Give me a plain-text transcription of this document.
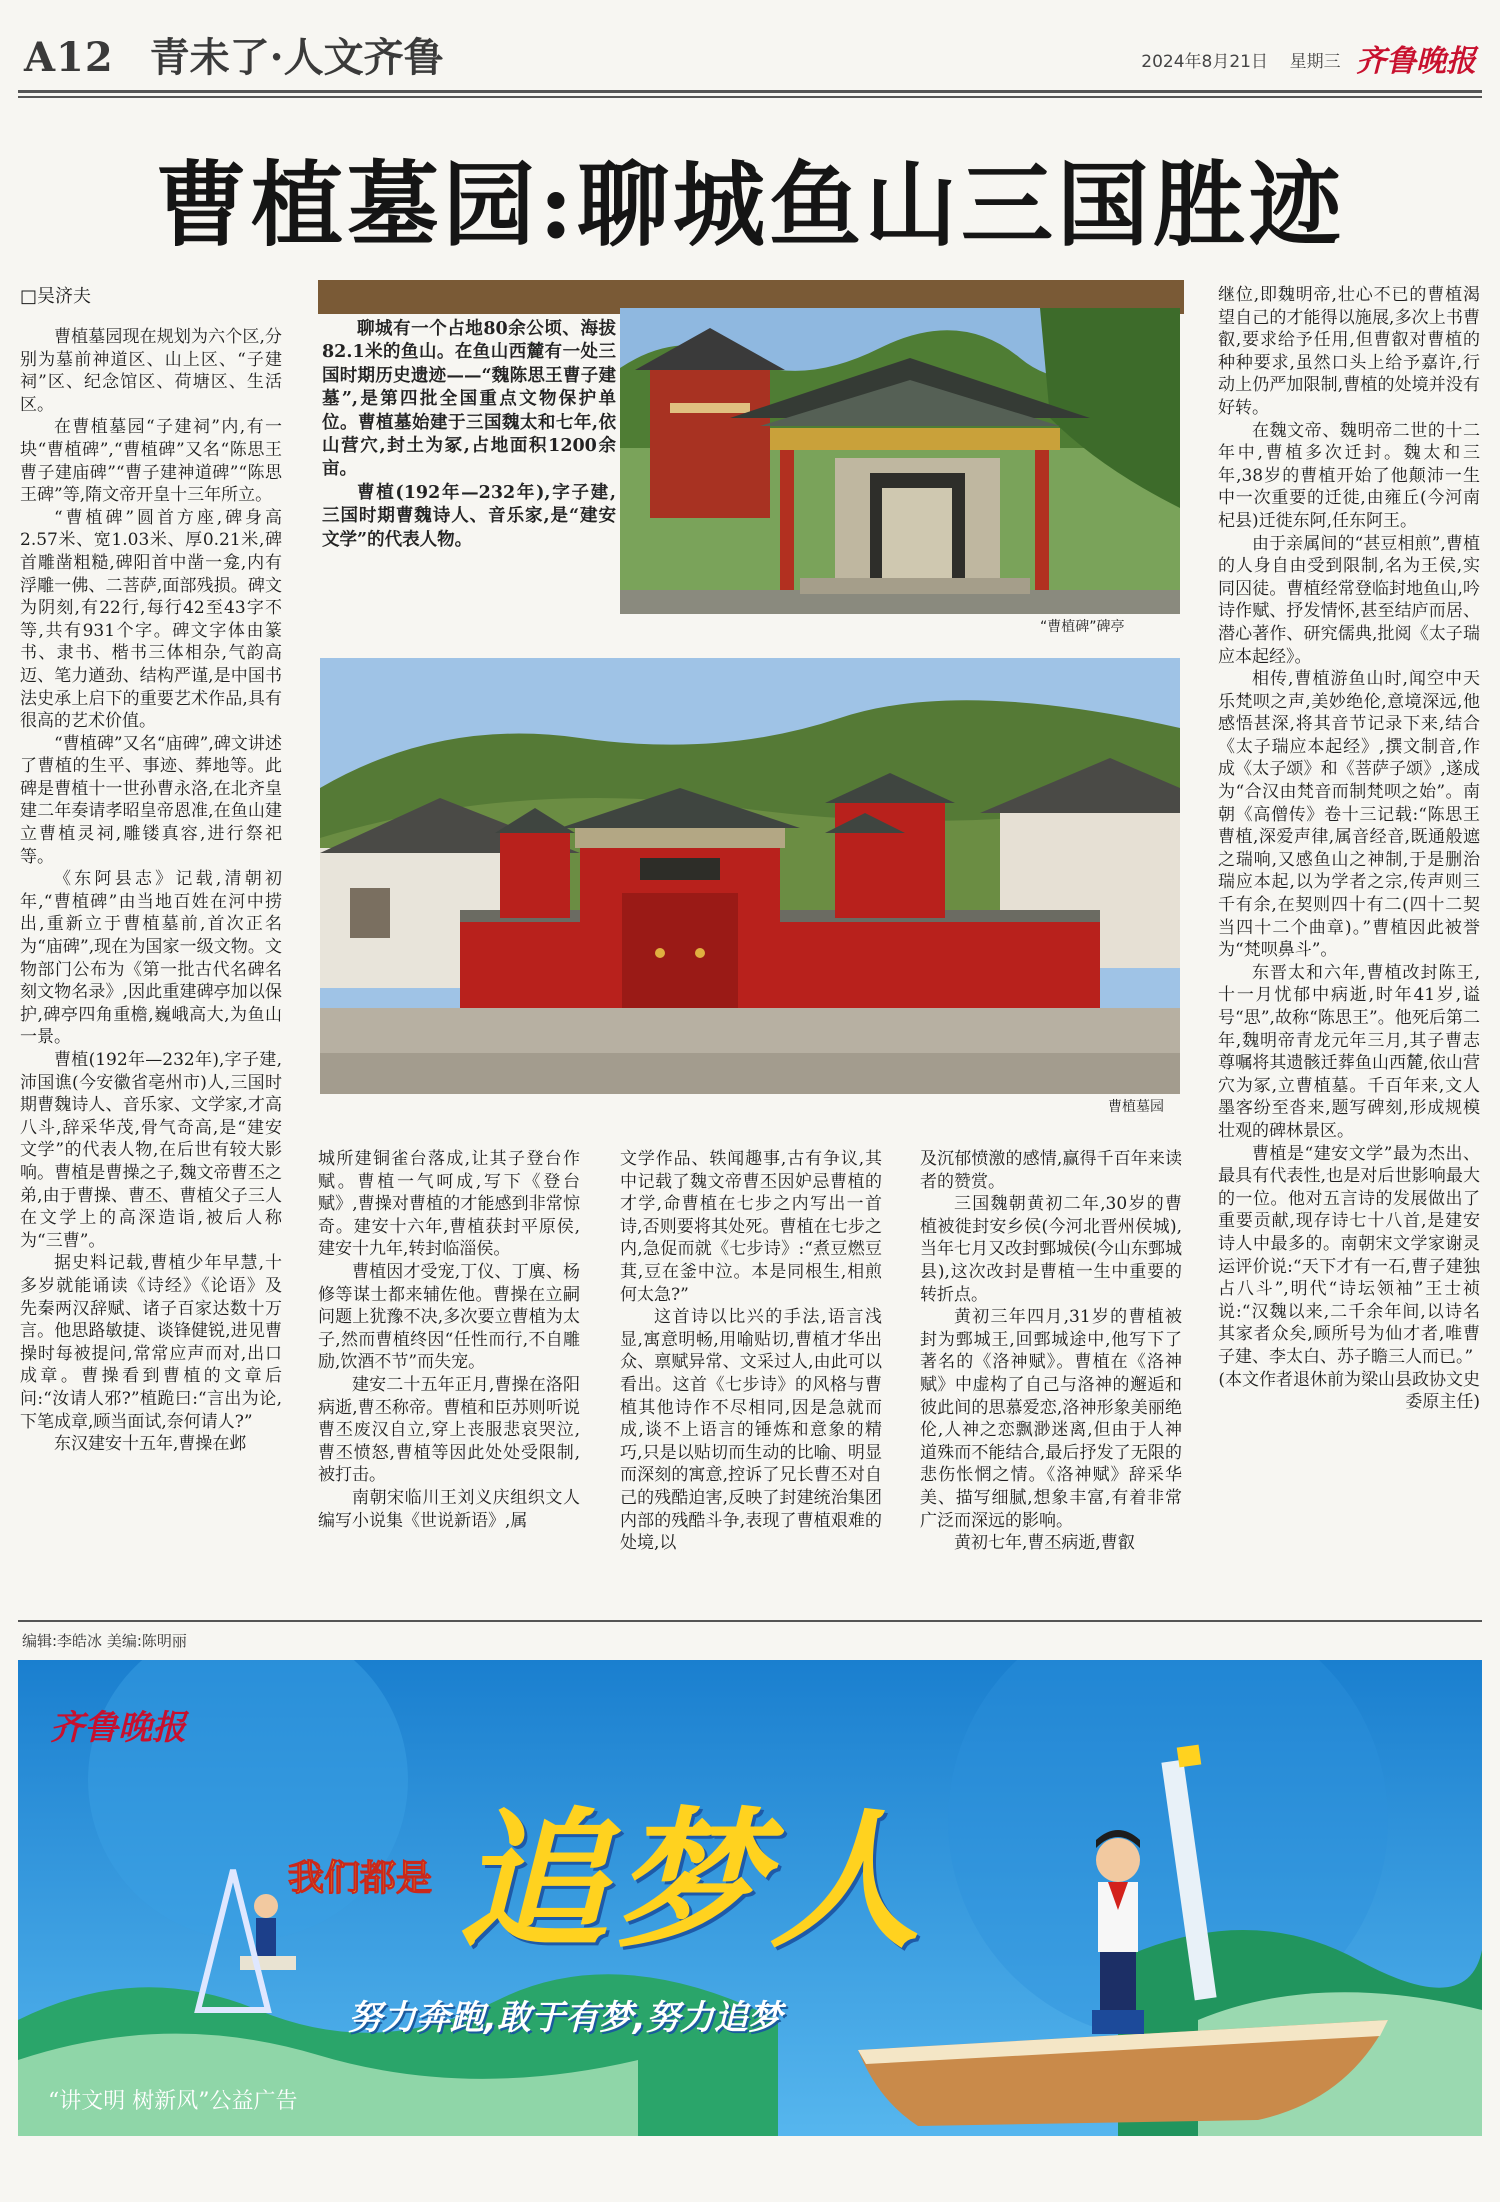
A12 青未了·人文齐鲁	2024年8月21日 星期三 齐鲁晚报
曹植墓园:聊城鱼山三国胜迹
□吴济夫

曹植墓园现在规划为六个区,分别为墓前神道区、山上区、“子建祠”区、纪念馆区、荷塘区、生活区。

在曹植墓园“子建祠”内,有一块“曹植碑”,“曹植碑”又名“陈思王曹子建庙碑”“曹子建神道碑”“陈思王碑”等,隋文帝开皇十三年所立。

“曹植碑”圆首方座,碑身高2.57米、宽1.03米、厚0.21米,碑首雕凿粗糙,碑阳首中凿一龛,内有浮雕一佛、二菩萨,面部残损。碑文为阴刻,有22行,每行42至43字不等,共有931个字。碑文字体由篆书、隶书、楷书三体相杂,气韵高迈、笔力遒劲、结构严谨,是中国书法史承上启下的重要艺术作品,具有很高的艺术价值。

“曹植碑”又名“庙碑”,碑文讲述了曹植的生平、事迹、葬地等。此碑是曹植十一世孙曹永洛,在北齐皇建二年奏请孝昭皇帝恩准,在鱼山建立曹植灵祠,雕镂真容,进行祭祀等。

《东阿县志》记载,清朝初年,“曹植碑”由当地百姓在河中捞出,重新立于曹植墓前,首次正名为“庙碑”,现在为国家一级文物。文物部门公布为《第一批古代名碑名刻文物名录》,因此重建碑亭加以保护,碑亭四角重檐,巍峨高大,为鱼山一景。

曹植(192年—232年),字子建,沛国谯(今安徽省亳州市)人,三国时期曹魏诗人、音乐家、文学家,才高八斗,辞采华茂,骨气奇高,是“建安文学”的代表人物,在后世有较大影响。曹植是曹操之子,魏文帝曹丕之弟,由于曹操、曹丕、曹植父子三人在文学上的高深造诣,被后人称为“三曹”。

据史料记载,曹植少年早慧,十多岁就能诵读《诗经》《论语》及先秦两汉辞赋、诸子百家达数十万言。他思路敏捷、谈锋健锐,进见曹操时每被提问,常常应声而对,出口成章。曹操看到曹植的文章后问:“汝请人邪?”植跪曰:“言出为论,下笔成章,顾当面试,奈何请人?”

东汉建安十五年,曹操在邺

聊城有一个占地80余公顷、海拔82.1米的鱼山。在鱼山西麓有一处三国时期历史遗迹——“魏陈思王曹子建墓”,是第四批全国重点文物保护单位。曹植墓始建于三国魏太和七年,依山营穴,封土为冢,占地面积1200余亩。

曹植(192年—232年),字子建,三国时期曹魏诗人、音乐家,是“建安文学”的代表人物。

“曹植碑”碑亭
曹植墓园

城所建铜雀台落成,让其子登台作赋。曹植一气呵成,写下《登台赋》,曹操对曹植的才能感到非常惊奇。建安十六年,曹植获封平原侯,建安十九年,转封临淄侯。

曹植因才受宠,丁仪、丁廙、杨修等谋士都来辅佐他。曹操在立嗣问题上犹豫不决,多次要立曹植为太子,然而曹植终因“任性而行,不自雕励,饮酒不节”而失宠。

建安二十五年正月,曹操在洛阳病逝,曹丕称帝。曹植和臣苏则听说曹丕废汉自立,穿上丧服悲哀哭泣,曹丕愤怒,曹植等因此处处受限制,被打击。

南朝宋临川王刘义庆组织文人编写小说集《世说新语》,属

文学作品、轶闻趣事,古有争议,其中记载了魏文帝曹丕因妒忌曹植的才学,命曹植在七步之内写出一首诗,否则要将其处死。曹植在七步之内,急促而就《七步诗》:“煮豆燃豆萁,豆在釜中泣。本是同根生,相煎何太急?”

这首诗以比兴的手法,语言浅显,寓意明畅,用喻贴切,曹植才华出众、禀赋异常、文采过人,由此可以看出。这首《七步诗》的风格与曹植其他诗作不尽相同,因是急就而成,谈不上语言的锤炼和意象的精巧,只是以贴切而生动的比喻、明显而深刻的寓意,控诉了兄长曹丕对自己的残酷迫害,反映了封建统治集团内部的残酷斗争,表现了曹植艰难的处境,以

及沉郁愤激的感情,赢得千百年来读者的赞赏。

三国魏朝黄初二年,30岁的曹植被徙封安乡侯(今河北晋州侯城),当年七月又改封鄄城侯(今山东鄄城县),这次改封是曹植一生中重要的转折点。

黄初三年四月,31岁的曹植被封为鄄城王,回鄄城途中,他写下了著名的《洛神赋》。曹植在《洛神赋》中虚构了自己与洛神的邂逅和彼此间的思慕爱恋,洛神形象美丽绝伦,人神之恋飘渺迷离,但由于人神道殊而不能结合,最后抒发了无限的悲伤怅惘之情。《洛神赋》辞采华美、描写细腻,想象丰富,有着非常广泛而深远的影响。

黄初七年,曹丕病逝,曹叡

继位,即魏明帝,壮心不已的曹植渴望自己的才能得以施展,多次上书曹叡,要求给予任用,但曹叡对曹植的种种要求,虽然口头上给予嘉许,行动上仍严加限制,曹植的处境并没有好转。

在魏文帝、魏明帝二世的十二年中,曹植多次迁封。魏太和三年,38岁的曹植开始了他颠沛一生中一次重要的迁徙,由雍丘(今河南杞县)迁徙东阿,任东阿王。

由于亲属间的“甚豆相煎”,曹植的人身自由受到限制,名为王侯,实同囚徒。曹植经常登临封地鱼山,吟诗作赋、抒发情怀,甚至结庐而居、潜心著作、研究儒典,批阅《太子瑞应本起经》。

相传,曹植游鱼山时,闻空中天乐梵呗之声,美妙绝伦,意境深远,他感悟甚深,将其音节记录下来,结合《太子瑞应本起经》,撰文制音,作成《太子颂》和《菩萨子颂》,遂成为“合汉由梵音而制梵呗之始”。南朝《高僧传》卷十三记载:“陈思王曹植,深爱声律,属音经音,既通般遮之瑞响,又感鱼山之神制,于是删治瑞应本起,以为学者之宗,传声则三千有余,在契则四十有二(四十二契当四十二个曲章)。”曹植因此被誉为“梵呗鼻斗”。

东晋太和六年,曹植改封陈王,十一月忧郁中病逝,时年41岁,谥号“思”,故称“陈思王”。他死后第二年,魏明帝青龙元年三月,其子曹志尊嘱将其遗骸迁葬鱼山西麓,依山营穴为冢,立曹植墓。千百年来,文人墨客纷至沓来,题写碑刻,形成规模壮观的碑林景区。

曹植是“建安文学”最为杰出、最具有代表性,也是对后世影响最大的一位。他对五言诗的发展做出了重要贡献,现存诗七十八首,是建安诗人中最多的。南朝宋文学家谢灵运评价说:“天下才有一石,曹子建独占八斗”,明代“诗坛领袖”王士祯说:“汉魏以来,二千余年间,以诗名其家者众矣,顾所号为仙才者,唯曹子建、李太白、苏子瞻三人而已。”

(本文作者退休前为梁山县政协文史委原主任)

编辑:李皓冰 美编:陈明丽
齐鲁晚报
我们都是 追梦人
努力奔跑,敢于有梦,努力追梦
“讲文明 树新风”公益广告
